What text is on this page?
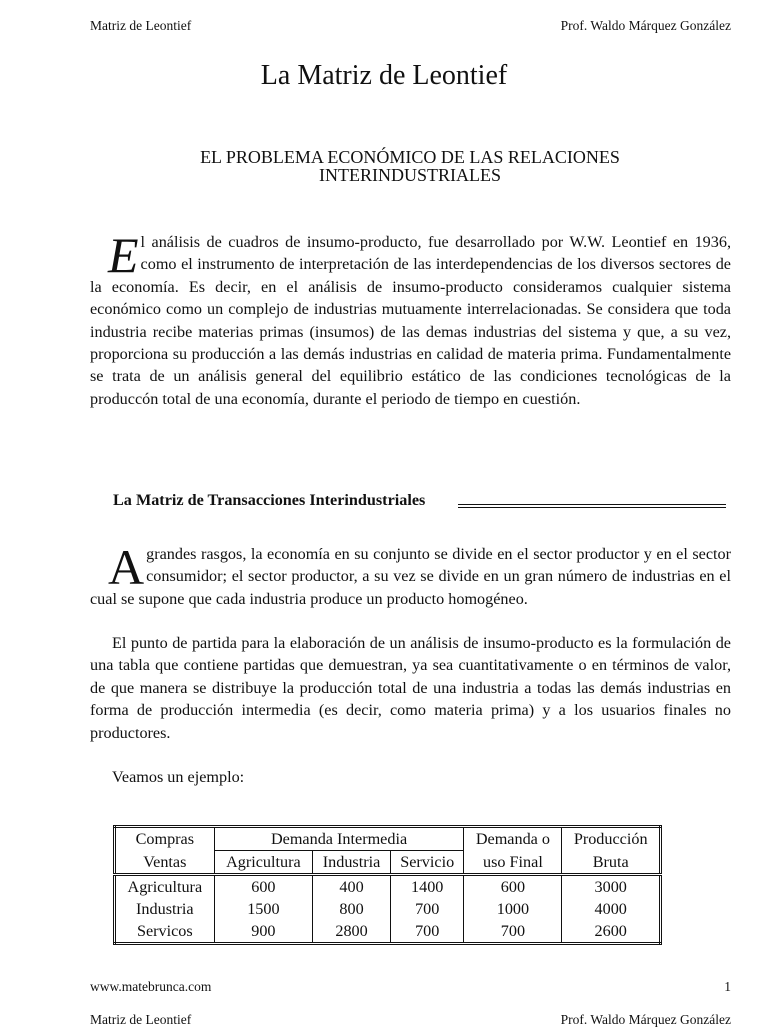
Matriz de Leontief	Prof. Waldo Márquez González
La Matriz de Leontief
EL PROBLEMA ECONÓMICO DE LAS RELACIONES
INTERINDUSTRIALES

El análisis de cuadros de insumo-producto, fue desarrollado por W.W. Leontief en 1936, como el instrumento de interpretación de las interdependencias de los diversos sectores de la economía. Es decir, en el análisis de insumo-producto consideramos cualquier sistema económico como un complejo de industrias mutuamente interrelacionadas. Se considera que toda industria recibe materias primas (insumos) de las demas industrias del sistema y que, a su vez, proporciona su producción a las demás industrias en calidad de materia prima. Fundamentalmente se trata de un análisis general del equilibrio estático de las condiciones tecnológicas de la produccón total de una economía, durante el periodo de tiempo en cuestión.

La Matriz de Transacciones Interindustriales

Agrandes rasgos, la economía en su conjunto se divide en el sector productor y en el sector consumidor; el sector productor, a su vez se divide en un gran número de industrias en el cual se supone que cada industria produce un producto homogéneo.

El punto de partida para la elaboración de un análisis de insumo-producto es la formulación de una tabla que contiene partidas que demuestran, ya sea cuantitativamente o en términos de valor, de que manera se distribuye la producción total de una industria a todas las demás industrias en forma de producción intermedia (es decir, como materia prima) y a los usuarios finales no productores.

Veamos un ejemplo:

Compras	Demanda Intermedia			Demanda o	Producción
Ventas	Agricultura	Industria	Servicio	uso Final	Bruta
Agricultura	600	400	1400	600	3000
Industria	1500	800	700	1000	4000
Servicos	900	2800	700	700	2600
www.matebrunca.com	1
Matriz de Leontief	Prof. Waldo Márquez González
